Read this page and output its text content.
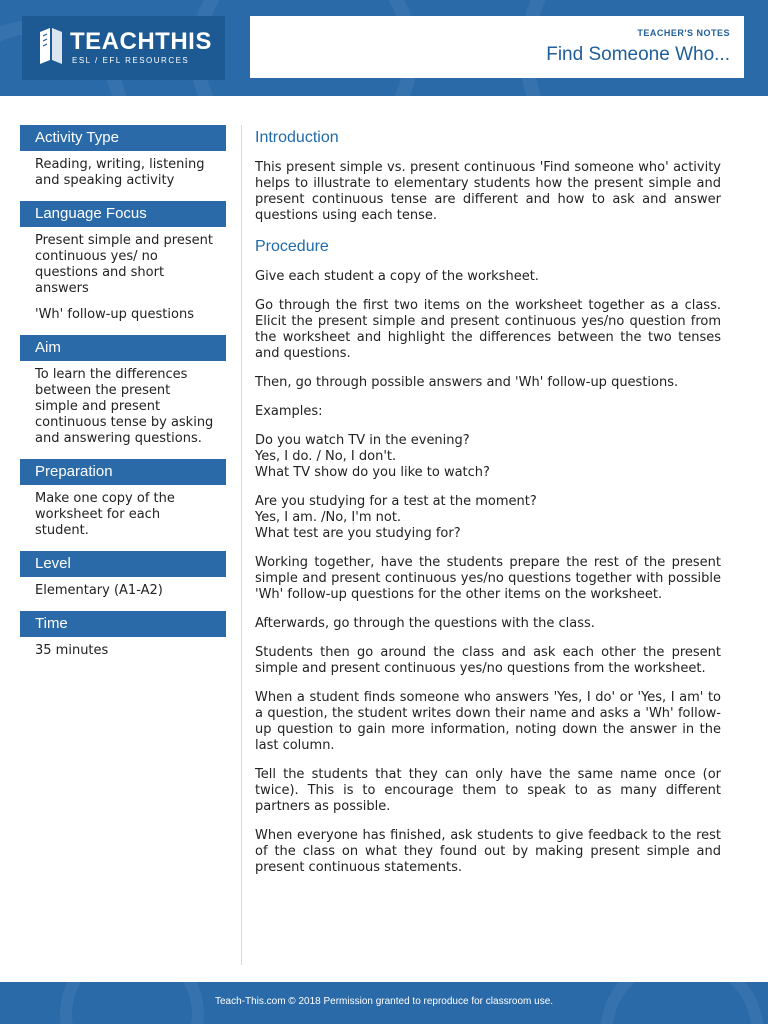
TEACHTHIS
ESL / EFL RESOURCES
TEACHER'S NOTES
Find Someone Who...
Activity Type

Reading, writing, listening and speaking activity

Language Focus

Present simple and present continuous yes/ no questions and short answers

'Wh' follow-up questions

Aim

To learn the differences between the present simple and present continuous tense by asking and answering questions.

Preparation

Make one copy of the worksheet for each student.

Level

Elementary (A1-A2)

Time

35 minutes

Introduction

This present simple vs. present continuous 'Find someone who' activity helps to illustrate to elementary students how the present simple and present continuous tense are different and how to ask and answer questions using each tense.

Procedure

Give each student a copy of the worksheet.

Go through the first two items on the worksheet together as a class. Elicit the present simple and present continuous yes/no question from the worksheet and highlight the differences between the two tenses and questions.

Then, go through possible answers and 'Wh' follow-up questions.

Examples:

Do you watch TV in the evening?
Yes, I do. / No, I don't.
What TV show do you like to watch?

Are you studying for a test at the moment?
Yes, I am. /No, I'm not.
What test are you studying for?

Working together, have the students prepare the rest of the present simple and present continuous yes/no questions together with possible 'Wh' follow-up questions for the other items on the worksheet.

Afterwards, go through the questions with the class.

Students then go around the class and ask each other the present simple and present continuous yes/no questions from the worksheet.

When a student finds someone who answers 'Yes, I do' or 'Yes, I am' to a question, the student writes down their name and asks a 'Wh' follow-up question to gain more information, noting down the answer in the last column.

Tell the students that they can only have the same name once (or twice). This is to encourage them to speak to as many different partners as possible.

When everyone has finished, ask students to give feedback to the rest of the class on what they found out by making present simple and present continuous statements.

Teach-This.com © 2018 Permission granted to reproduce for classroom use.
